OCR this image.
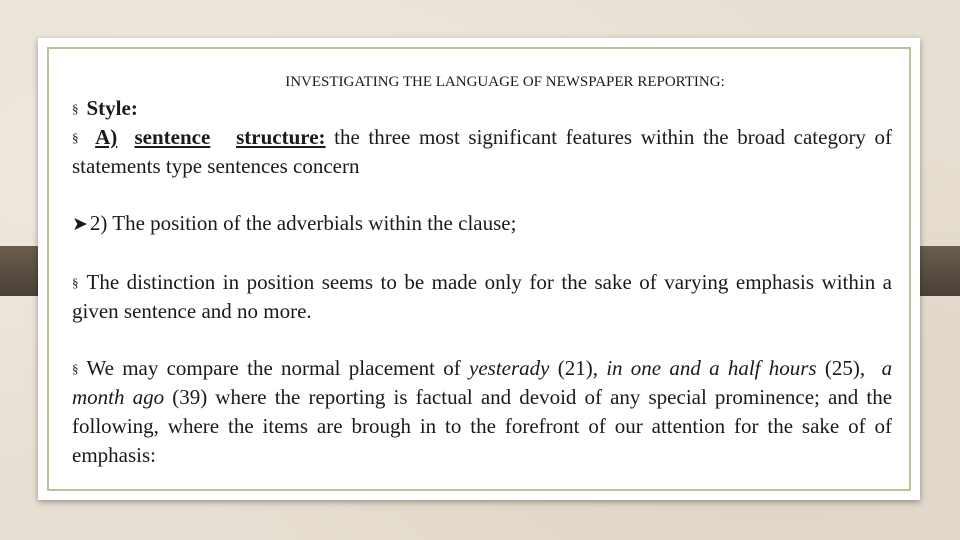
INVESTIGATING THE LANGUAGE OF NEWSPAPER REPORTING:
§ Style:
§ A) sentence structure: the three most significant features within the broad category of statements type sentences concern
➤2) The position of the adverbials within the clause;
§ The distinction in position seems to be made only for the sake of varying emphasis within a given sentence and no more.
§ We may compare the normal placement of yesterady (21), in one and a half hours (25), a month ago (39) where the reporting is factual and devoid of any special prominence; and the following, where the items are brough in to the forefront of our attention for the sake of of emphasis:
